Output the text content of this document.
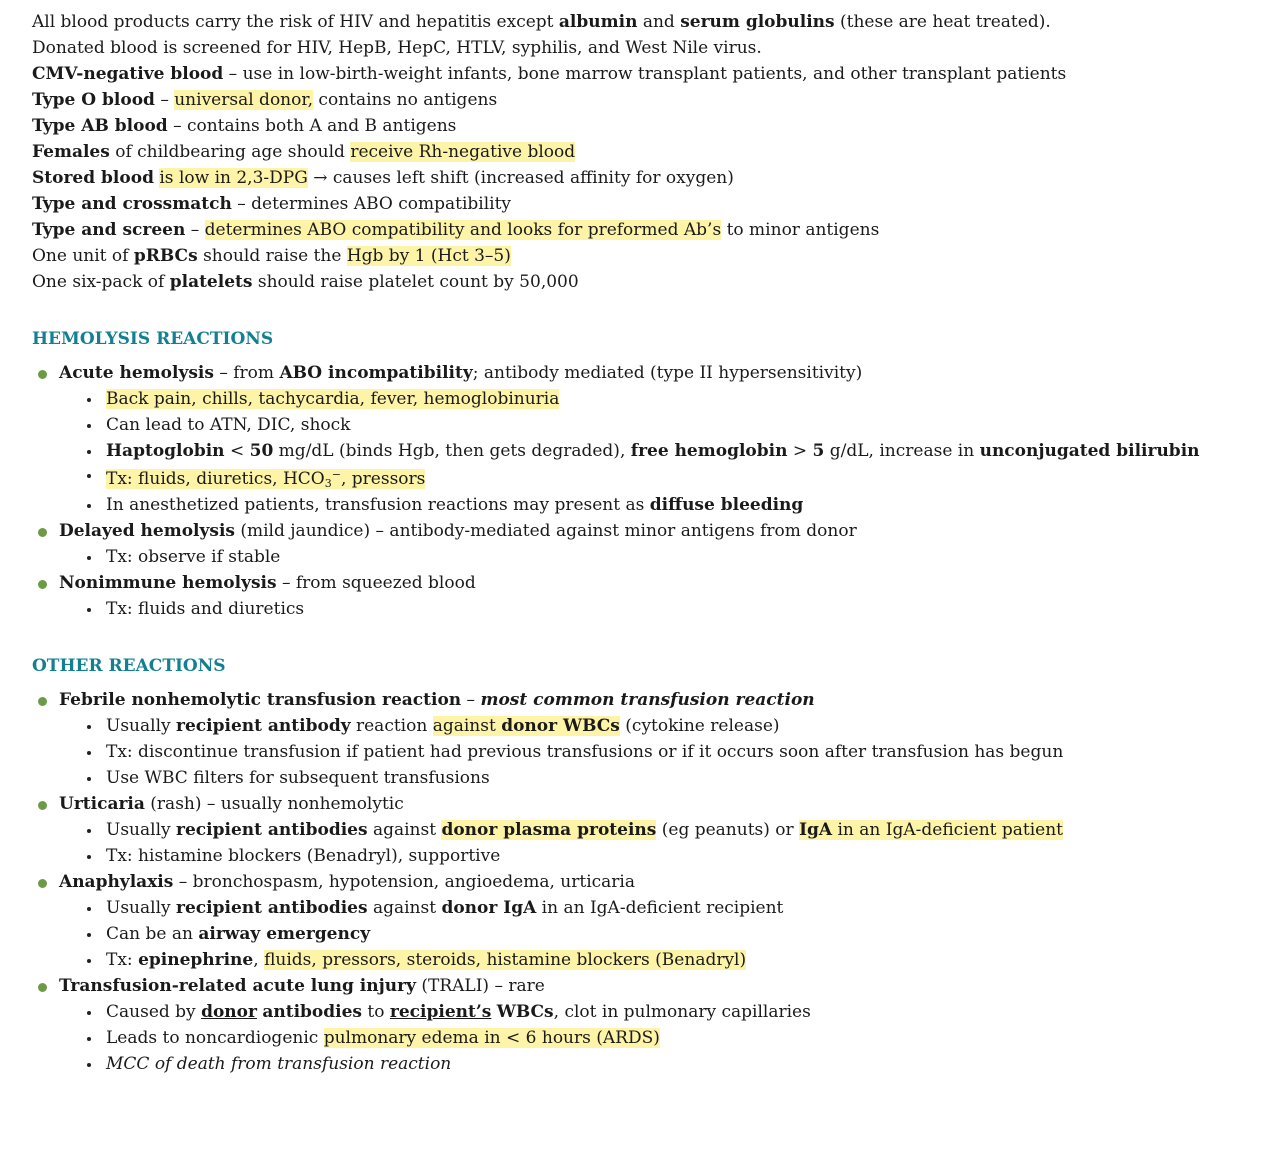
All blood products carry the risk of HIV and hepatitis except albumin and serum globulins (these are heat treated).
Donated blood is screened for HIV, HepB, HepC, HTLV, syphilis, and West Nile virus.
CMV-negative blood – use in low-birth-weight infants, bone marrow transplant patients, and other transplant patients
Type O blood – universal donor, contains no antigens
Type AB blood – contains both A and B antigens
Females of childbearing age should receive Rh-negative blood
Stored blood is low in 2,3-DPG → causes left shift (increased affinity for oxygen)
Type and crossmatch – determines ABO compatibility
Type and screen – determines ABO compatibility and looks for preformed Ab’s to minor antigens
One unit of pRBCs should raise the Hgb by 1 (Hct 3–5)
One six-pack of platelets should raise platelet count by 50,000
HEMOLYSIS REACTIONS
Acute hemolysis – from ABO incompatibility; antibody mediated (type II hypersensitivity)
Back pain, chills, tachycardia, fever, hemoglobinuria
Can lead to ATN, DIC, shock
Haptoglobin < 50 mg/dL (binds Hgb, then gets degraded), free hemoglobin > 5 g/dL, increase in unconjugated bilirubin
Tx: fluids, diuretics, $HCO_3^-$, pressors
In anesthetized patients, transfusion reactions may present as diffuse bleeding
Delayed hemolysis (mild jaundice) – antibody-mediated against minor antigens from donor
Tx: observe if stable
Nonimmune hemolysis – from squeezed blood
Tx: fluids and diuretics
OTHER REACTIONS
Febrile nonhemolytic transfusion reaction – most common transfusion reaction
Usually recipient antibody reaction against donor WBCs (cytokine release)
Tx: discontinue transfusion if patient had previous transfusions or if it occurs soon after transfusion has begun
Use WBC filters for subsequent transfusions
Urticaria (rash) – usually nonhemolytic
Usually recipient antibodies against donor plasma proteins (eg peanuts) or IgA in an IgA-deficient patient
Tx: histamine blockers (Benadryl), supportive
Anaphylaxis – bronchospasm, hypotension, angioedema, urticaria
Usually recipient antibodies against donor IgA in an IgA-deficient recipient
Can be an airway emergency
Tx: epinephrine, fluids, pressors, steroids, histamine blockers (Benadryl)
Transfusion-related acute lung injury (TRALI) – rare
Caused by donor antibodies to recipient’s WBCs, clot in pulmonary capillaries
Leads to noncardiogenic pulmonary edema in < 6 hours (ARDS)
MCC of death from transfusion reaction
